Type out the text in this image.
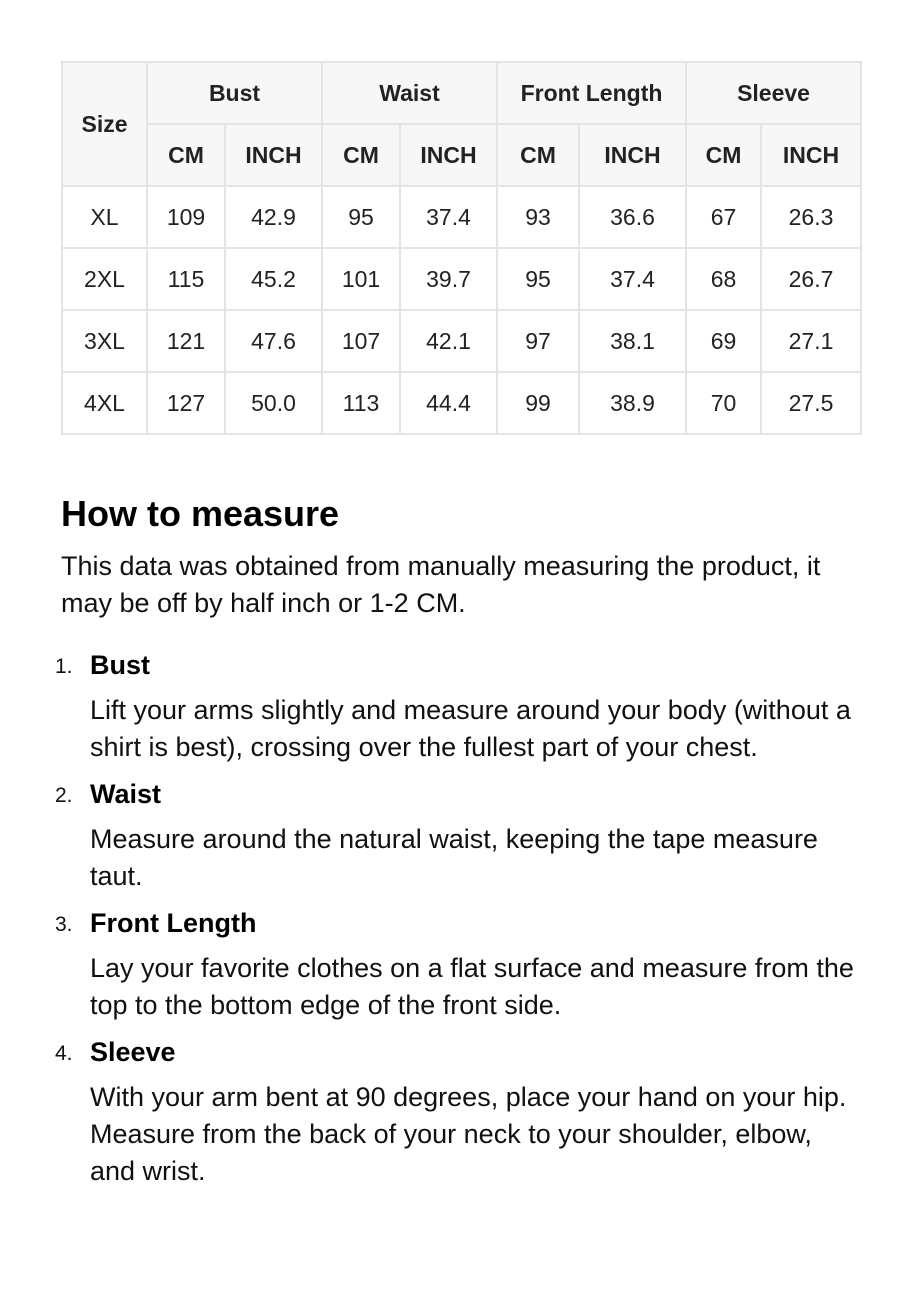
Size	Bust		Waist		Front Length		Sleeve	
	CM	INCH	CM	INCH	CM	INCH	CM	INCH
XL	109	42.9	95	37.4	93	36.6	67	26.3
2XL	115	45.2	101	39.7	95	37.4	68	26.7
3XL	121	47.6	107	42.1	97	38.1	69	27.1
4XL	127	50.0	113	44.4	99	38.9	70	27.5
How to measure

This data was obtained from manually measuring the product, it may be off by half inch or 1-2 CM.

1. Bust
Lift your arms slightly and measure around your body (without a shirt is best), crossing over the fullest part of your chest.
2. Waist
Measure around the natural waist, keeping the tape measure taut.
3. Front Length
Lay your favorite clothes on a flat surface and measure from the top to the bottom edge of the front side.
4. Sleeve
With your arm bent at 90 degrees, place your hand on your hip. Measure from the back of your neck to your shoulder, elbow, and wrist.
